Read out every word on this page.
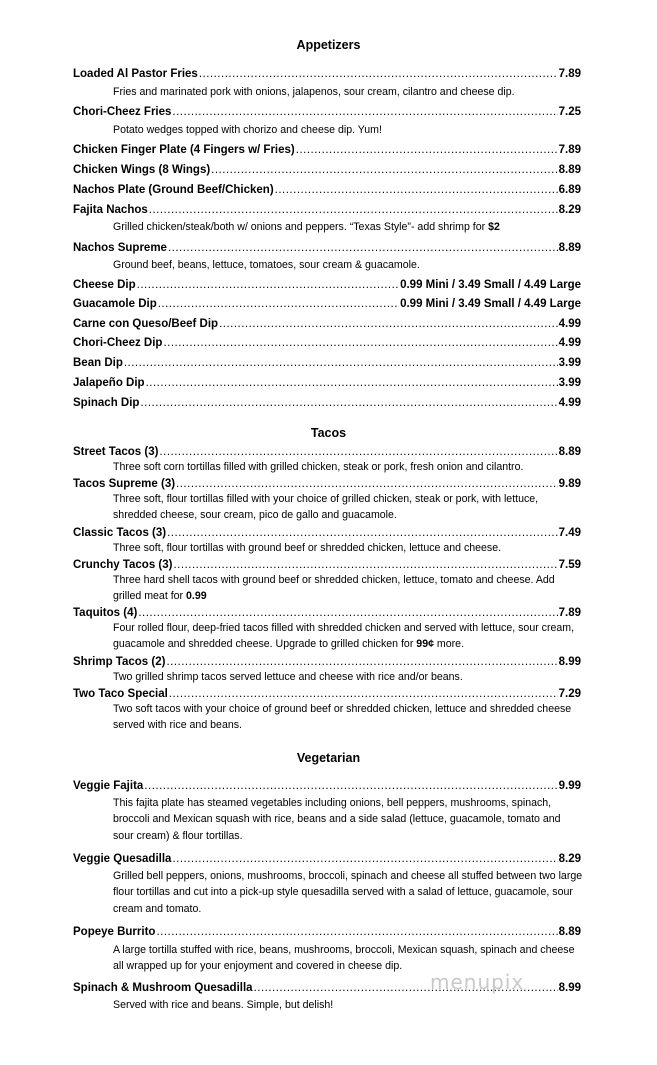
Appetizers
Loaded Al Pastor Fries .....	7.89
Fries and marinated pork with onions, jalapenos, sour cream, cilantro and cheese dip.
Chori-Cheez Fries .....	7.25
Potato wedges topped with chorizo and cheese dip. Yum!
Chicken Finger Plate (4 Fingers w/ Fries) .....	7.89
Chicken Wings (8 Wings) .....	8.89
Nachos Plate (Ground Beef/Chicken) .....	6.89
Fajita Nachos .....	8.29
Grilled chicken/steak/both w/ onions and peppers. “Texas Style”- add shrimp for $2
Nachos Supreme .....	8.89
Ground beef, beans, lettuce, tomatoes, sour cream & guacamole.
Cheese Dip .....	0.99 Mini / 3.49 Small / 4.49 Large
Guacamole Dip .....	0.99 Mini / 3.49 Small / 4.49 Large
Carne con Queso/Beef Dip .....	4.99
Chori-Cheez Dip .....	4.99
Bean Dip .....	3.99
Jalapeño Dip .....	3.99
Spinach Dip .....	4.99
Tacos
Street Tacos (3) .....	8.89
Three soft corn tortillas filled with grilled chicken, steak or pork, fresh onion and cilantro.
Tacos Supreme (3) .....	9.89
Three soft, flour tortillas filled with your choice of grilled chicken, steak or pork, with lettuce, shredded cheese, sour cream, pico de gallo and guacamole.
Classic Tacos (3) .....	7.49
Three soft, flour tortillas with ground beef or shredded chicken, lettuce and cheese.
Crunchy Tacos (3) .....	7.59
Three hard shell tacos with ground beef or shredded chicken, lettuce, tomato and cheese. Add grilled meat for 0.99
Taquitos (4) .....	7.89
Four rolled flour, deep-fried tacos filled with shredded chicken and served with lettuce, sour cream, guacamole and shredded cheese. Upgrade to grilled chicken for 99¢ more.
Shrimp Tacos (2) .....	8.99
Two grilled shrimp tacos served lettuce and cheese with rice and/or beans.
Two Taco Special .....	7.29
Two soft tacos with your choice of ground beef or shredded chicken, lettuce and shredded cheese served with rice and beans.
Vegetarian
Veggie Fajita .....	9.99
This fajita plate has steamed vegetables including onions, bell peppers, mushrooms, spinach, broccoli and Mexican squash with rice, beans and a side salad (lettuce, guacamole, tomato and sour cream) & flour tortillas.
Veggie Quesadilla .....	8.29
Grilled bell peppers, onions, mushrooms, broccoli, spinach and cheese all stuffed between two large flour tortillas and cut into a pick-up style quesadilla served with a salad of lettuce, guacamole, sour cream and tomato.
Popeye Burrito .....	8.89
A large tortilla stuffed with rice, beans, mushrooms, broccoli, Mexican squash, spinach and cheese all wrapped up for your enjoyment and covered in cheese dip.
Spinach & Mushroom Quesadilla .....	8.99
Served with rice and beans. Simple, but delish!
menupix
